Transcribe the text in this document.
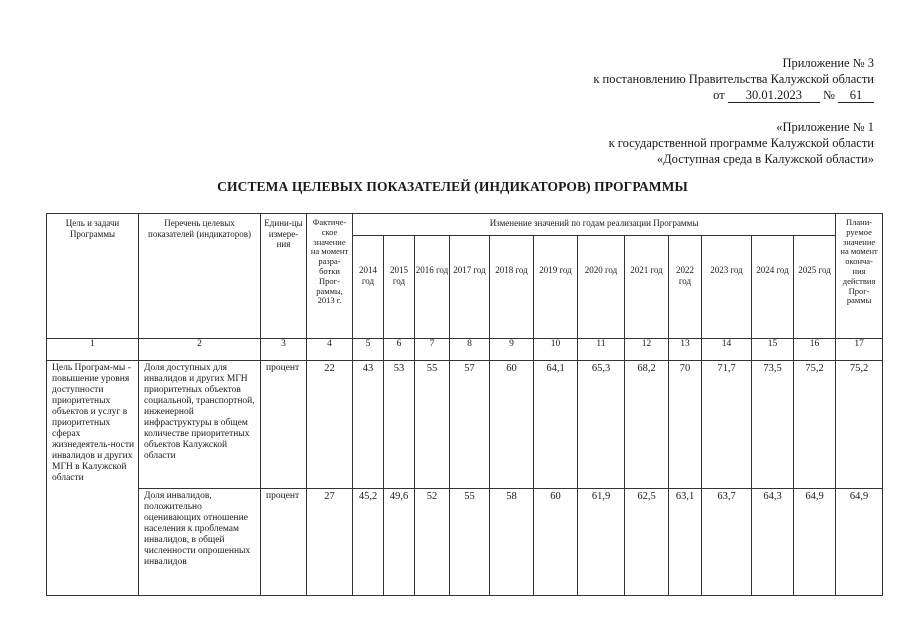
Приложение № 3
к постановлению Правительства Калужской области
от 30.01.2023 № 61
«Приложение № 1
к государственной программе Калужской области
«Доступная среда в Калужской области»
СИСТЕМА ЦЕЛЕВЫХ ПОКАЗАТЕЛЕЙ (ИНДИКАТОРОВ) ПРОГРАММЫ
Цель и задачи Программы	Перечень целевых показателей (индикаторов)	Едини-цы измере-ния	Фактиче-ское значение на момент разра-ботки Прог-раммы, 2013 г.	Изменение значений по годам реализации Программы												Плани-руемое значение на момент оконча-ния действия Прог-раммы
				2014 год	2015 год	2016 год	2017 год	2018 год	2019 год	2020 год	2021 год	2022 год	2023 год	2024 год	2025 год	
1	2	3	4	5	6	7	8	9	10	11	12	13	14	15	16	17
Цель Програм-мы - повышение уровня доступности приоритетных объектов и услуг в приоритетных сферах жизнедеятель-ности инвалидов и других МГН в Калужской области	Доля доступных для инвалидов и других МГН приоритетных объектов социальной, транспортной, инженерной инфраструктуры в общем количестве приоритетных объектов Калужской области	процент	22	43	53	55	57	60	64,1	65,3	68,2	70	71,7	73,5	75,2	75,2
	Доля инвалидов, положительно оценивающих отношение населения к проблемам инвалидов, в общей численности опрошенных инвалидов	процент	27	45,2	49,6	52	55	58	60	61,9	62,5	63,1	63,7	64,3	64,9	64,9
